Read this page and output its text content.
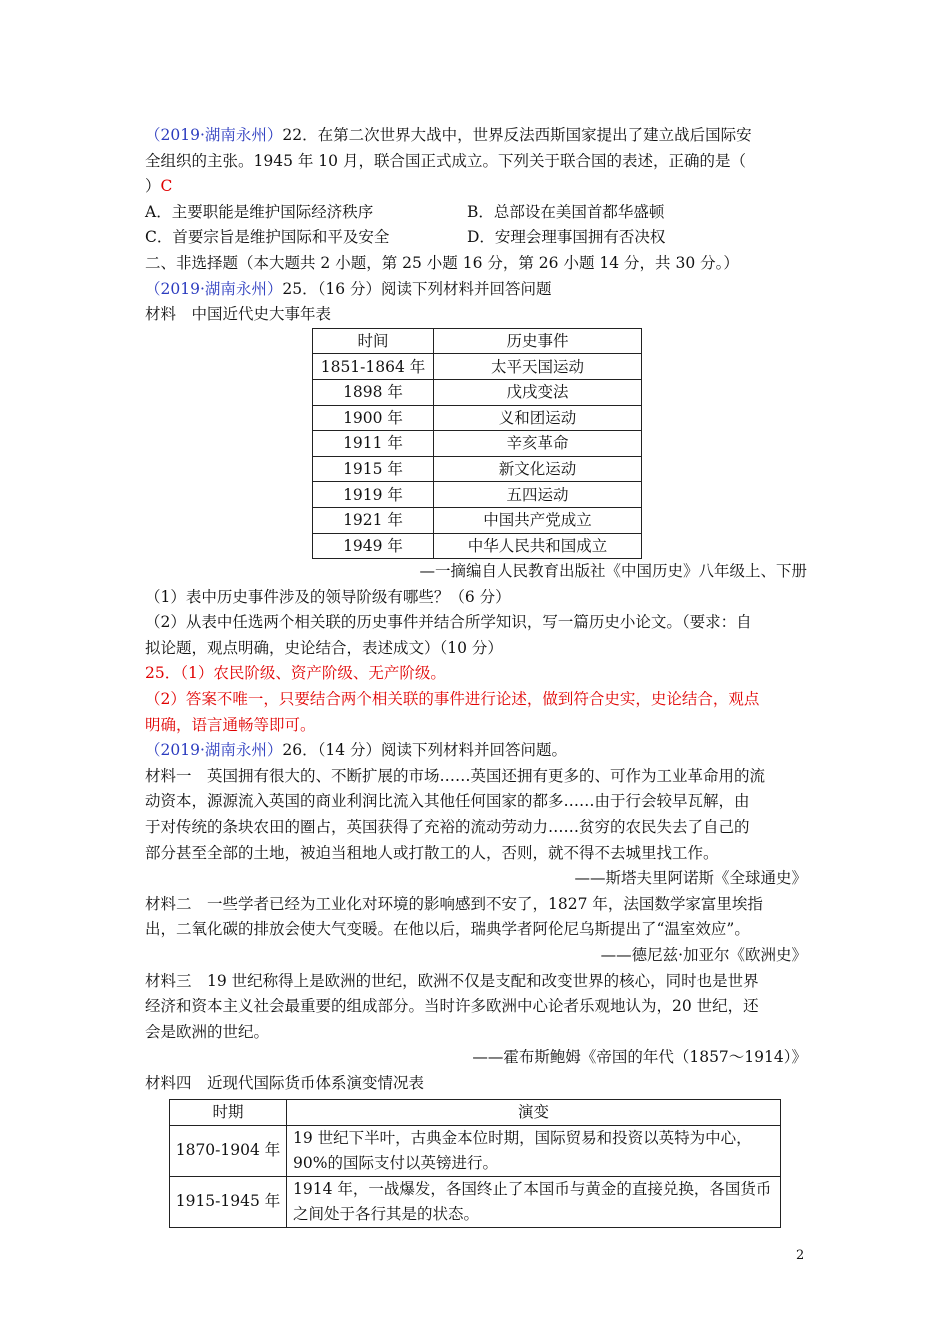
（2019·湖南永州）22．在第二次世界大战中，世界反法西斯国家提出了建立战后国际安

全组织的主张。1945 年 10 月，联合国正式成立。下列关于联合国的表述，正确的是（

）C

A．主要职能是维护国际经济秩序	B．总部设在美国首都华盛顿
C．首要宗旨是维护国际和平及安全	D．安理会理事国拥有否决权

二、非选择题（本大题共 2 小题，第 25 小题 16 分，第 26 小题 14 分，共 30 分。）

（2019·湖南永州）25．（16 分）阅读下列材料并回答问题

材料　中国近代史大事年表

时间	历史事件
1851-1864 年	太平天国运动
1898 年	戊戌变法
1900 年	义和团运动
1911 年	辛亥革命
1915 年	新文化运动
1919 年	五四运动
1921 年	中国共产党成立
1949 年	中华人民共和国成立

—一摘编自人民教育出版社《中国历史》八年级上、下册

（1）表中历史事件涉及的领导阶级有哪些？（6 分）

（2）从表中任选两个相关联的历史事件并结合所学知识，写一篇历史小论文。（要求：自

拟论题，观点明确，史论结合，表述成文）（10 分）

25．（1）农民阶级、资产阶级、无产阶级。

（2）答案不唯一，只要结合两个相关联的事件进行论述，做到符合史实，史论结合，观点

明确，语言通畅等即可。

（2019·湖南永州）26．（14 分）阅读下列材料并回答问题。

材料一　英国拥有很大的、不断扩展的市场……英国还拥有更多的、可作为工业革命用的流

动资本，源源流入英国的商业利润比流入其他任何国家的都多……由于行会较早瓦解，由

于对传统的条块农田的圈占，英国获得了充裕的流动劳动力……贫穷的农民失去了自己的

部分甚至全部的土地，被迫当租地人或打散工的人，否则，就不得不去城里找工作。

——斯塔夫里阿诺斯《全球通史》

材料二　一些学者已经为工业化对环境的影响感到不安了，1827 年，法国数学家富里埃指

出，二氧化碳的排放会使大气变暖。在他以后，瑞典学者阿伦尼乌斯提出了“温室效应”。

——德尼兹·加亚尔《欧洲史》

材料三　19 世纪称得上是欧洲的世纪，欧洲不仅是支配和改变世界的核心，同时也是世界

经济和资本主义社会最重要的组成部分。当时许多欧洲中心论者乐观地认为，20 世纪，还

会是欧洲的世纪。

——霍布斯鲍姆《帝国的年代（1857～1914）》

材料四　近现代国际货币体系演变情况表

时期	演变
1870-1904 年	19 世纪下半叶，古典金本位时期，国际贸易和投资以英特为中心，90%的国际支付以英镑进行。
1915-1945 年	1914 年，一战爆发，各国终止了本国币与黄金的直接兑换，各国货币之间处于各行其是的状态。
2
